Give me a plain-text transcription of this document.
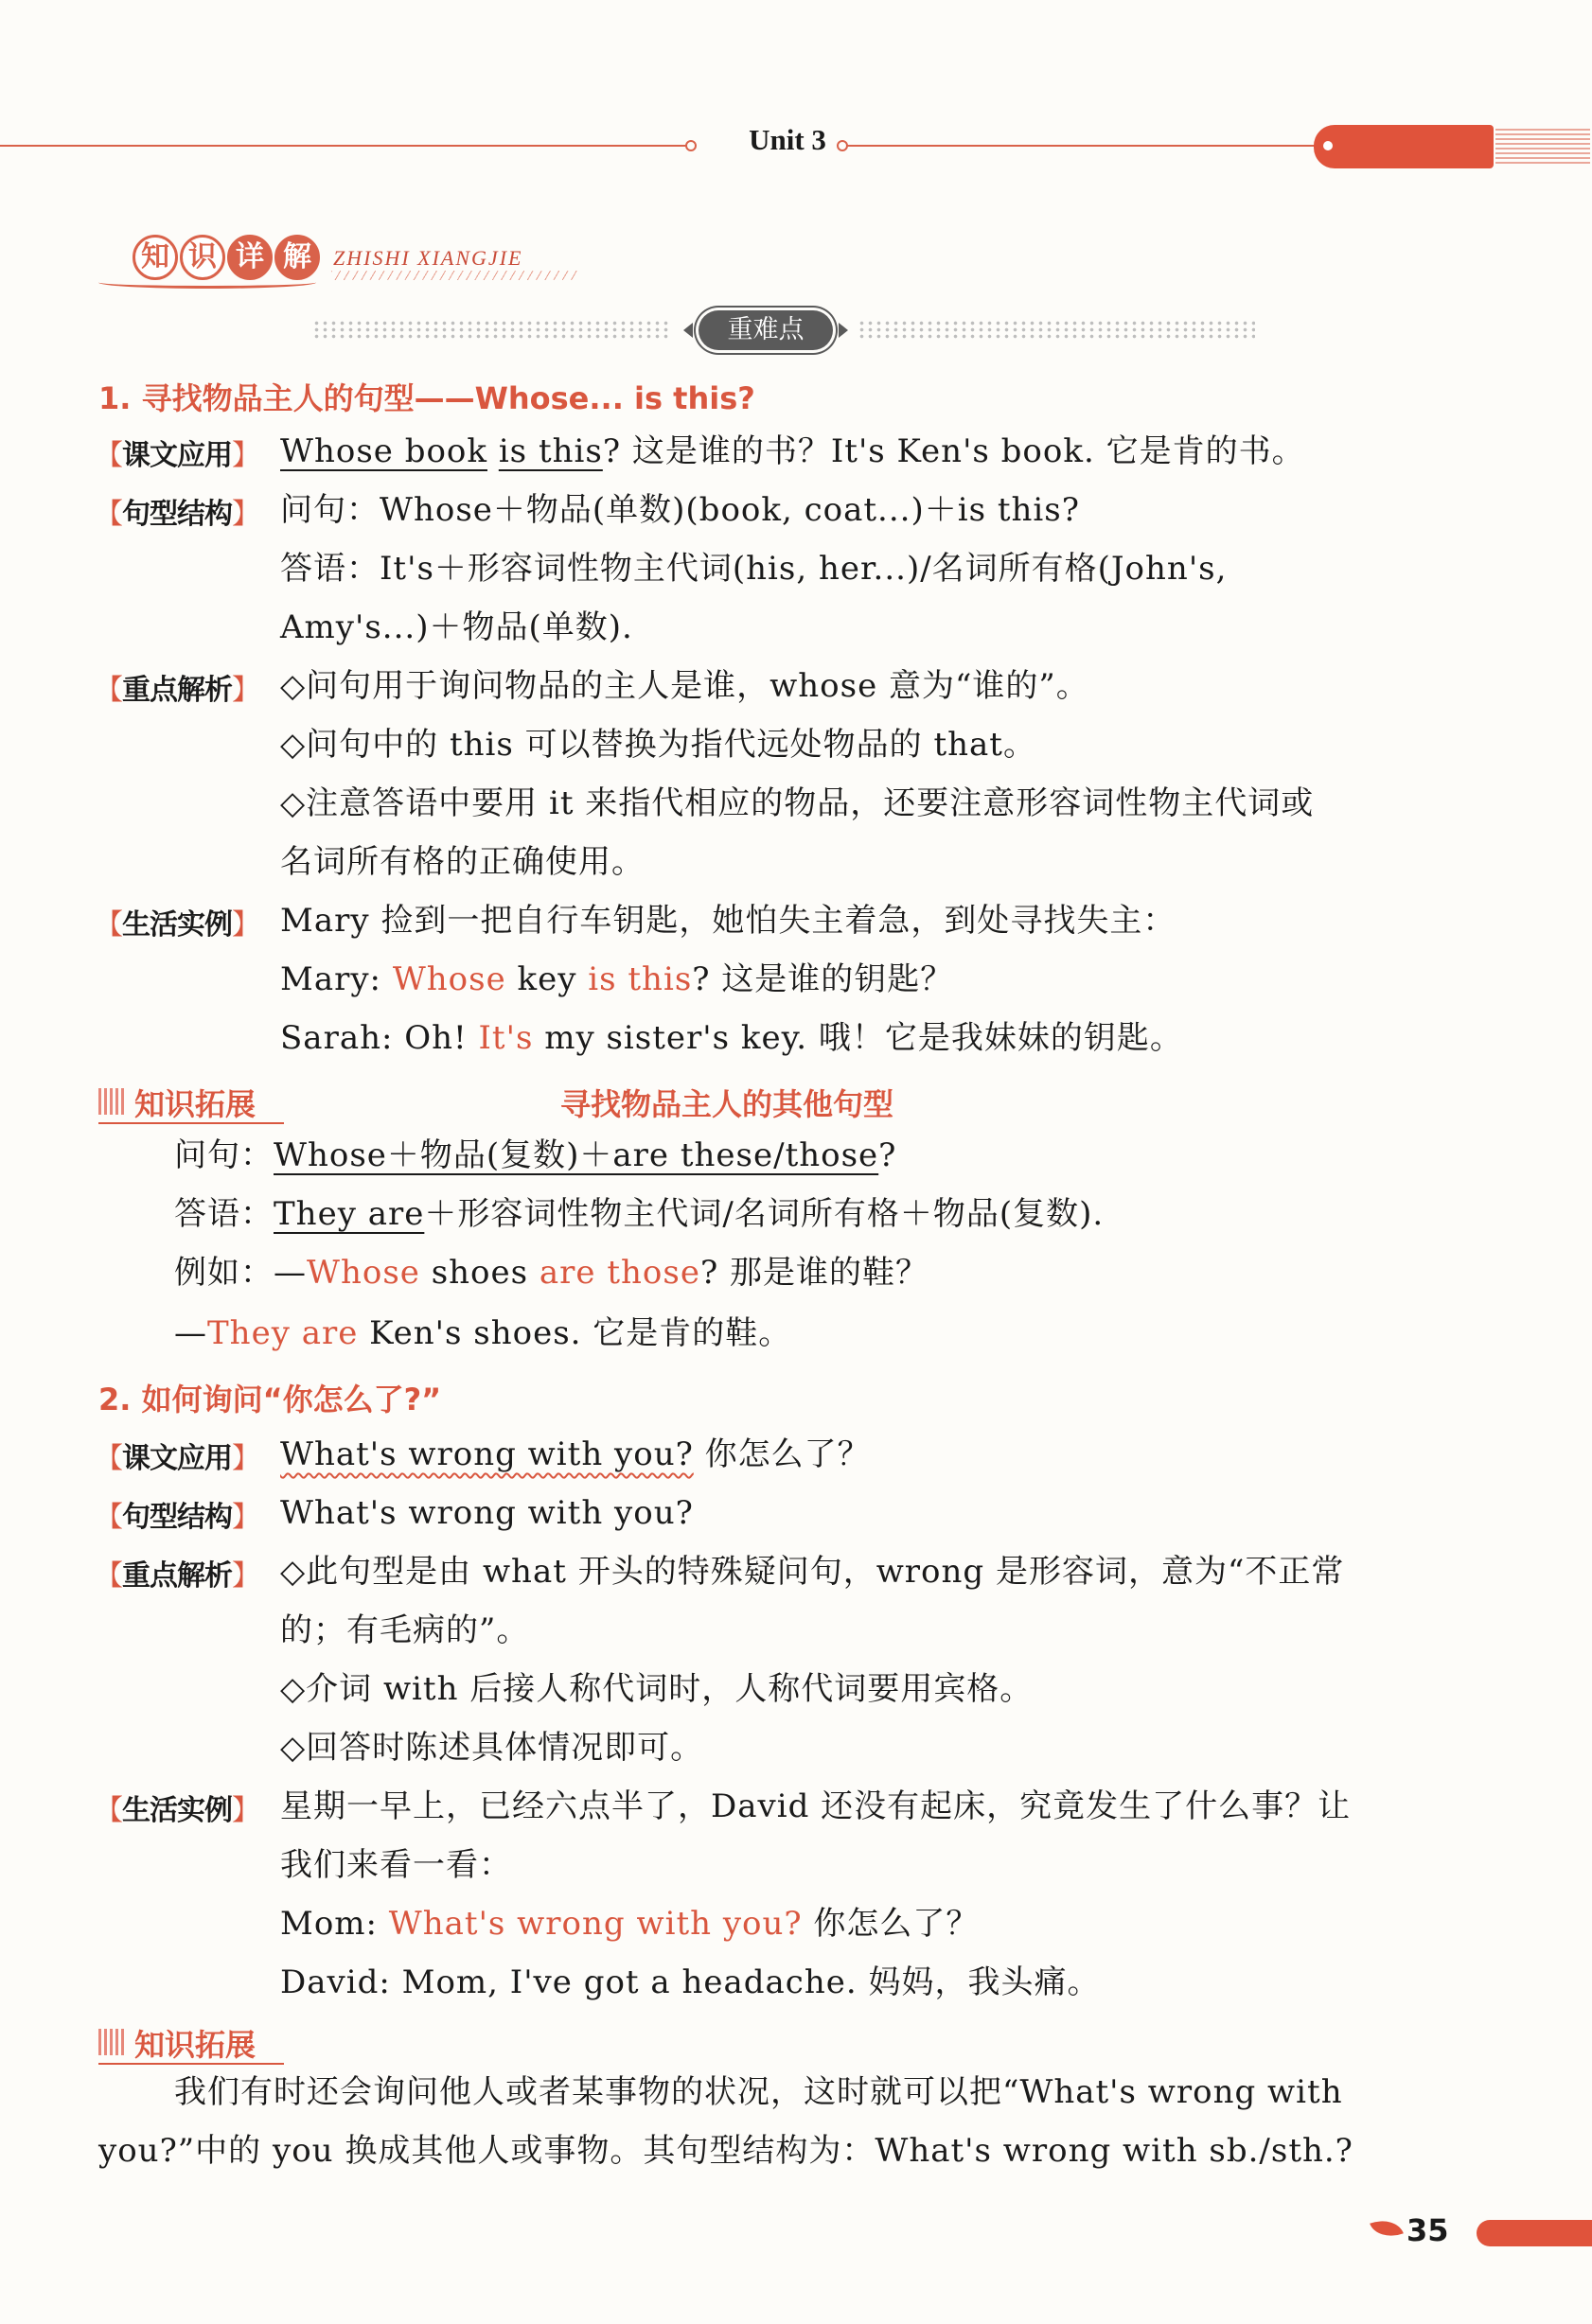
Unit 3
知 识 详 解	ZHISHI XIANGJIE
重难点
1. 寻找物品主人的句型——Whose... is this?
【课文应用】 Whose book is this? 这是谁的书？It's Ken's book. 它是肯的书。
【句型结构】 问句：Whose＋物品(单数)(book, coat...)＋is this?
答语：It's＋形容词性物主代词(his, her...)/名词所有格(John's,
Amy's...)＋物品(单数).
【重点解析】 ◇问句用于询问物品的主人是谁，whose 意为“谁的”。
◇问句中的 this 可以替换为指代远处物品的 that。
◇注意答语中要用 it 来指代相应的物品，还要注意形容词性物主代词或
名词所有格的正确使用。
【生活实例】 Mary 捡到一把自行车钥匙，她怕失主着急，到处寻找失主：
Mary: Whose key is this? 这是谁的钥匙？
Sarah: Oh! It's my sister's key. 哦！它是我妹妹的钥匙。
知识拓展	寻找物品主人的其他句型
问句：Whose＋物品(复数)＋are these/those?
答语：They are＋形容词性物主代词/名词所有格＋物品(复数).
例如：—Whose shoes are those? 那是谁的鞋？
—They are Ken's shoes. 它是肯的鞋。
2. 如何询问“你怎么了?”
【课文应用】 What's wrong with you? 你怎么了？
【句型结构】 What's wrong with you?
【重点解析】 ◇此句型是由 what 开头的特殊疑问句，wrong 是形容词，意为“不正常
的；有毛病的”。
◇介词 with 后接人称代词时，人称代词要用宾格。
◇回答时陈述具体情况即可。
【生活实例】 星期一早上，已经六点半了，David 还没有起床，究竟发生了什么事？让
我们来看一看：
Mom: What's wrong with you? 你怎么了？
David: Mom, I've got a headache. 妈妈，我头痛。
知识拓展
我们有时还会询问他人或者某事物的状况，这时就可以把“What's wrong with
you?”中的 you 换成其他人或事物。其句型结构为：What's wrong with sb./sth.?
35
